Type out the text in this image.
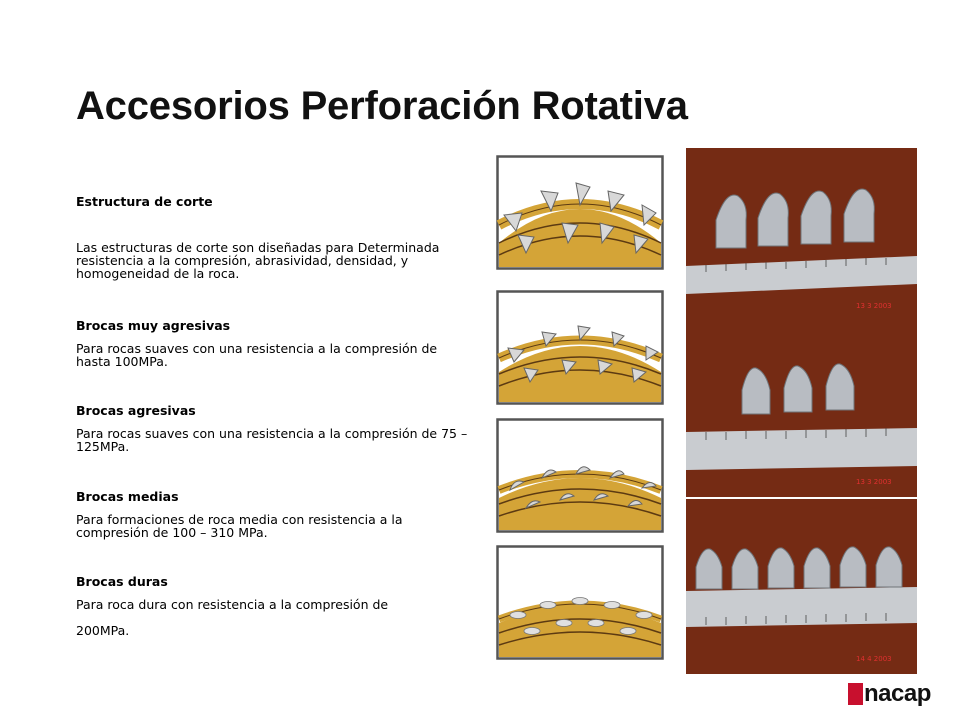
Accesorios Perforación Rotativa
Estructura de corte
Las estructuras de corte son diseñadas para Determinada resistencia a la compresión, abrasividad, densidad, y homogeneidad de la roca.
Brocas muy agresivas
Para rocas suaves con una resistencia a la compresión de hasta 100MPa.
Brocas agresivas
Para rocas suaves con una resistencia a la compresión de 75 – 125MPa.
Brocas medias
Para formaciones de roca media con resistencia a la compresión de 100 – 310 MPa.
Brocas duras
Para roca dura con resistencia a la compresión de
200MPa.
13 3 2003
13 3 2003
14 4 2003
nacap
